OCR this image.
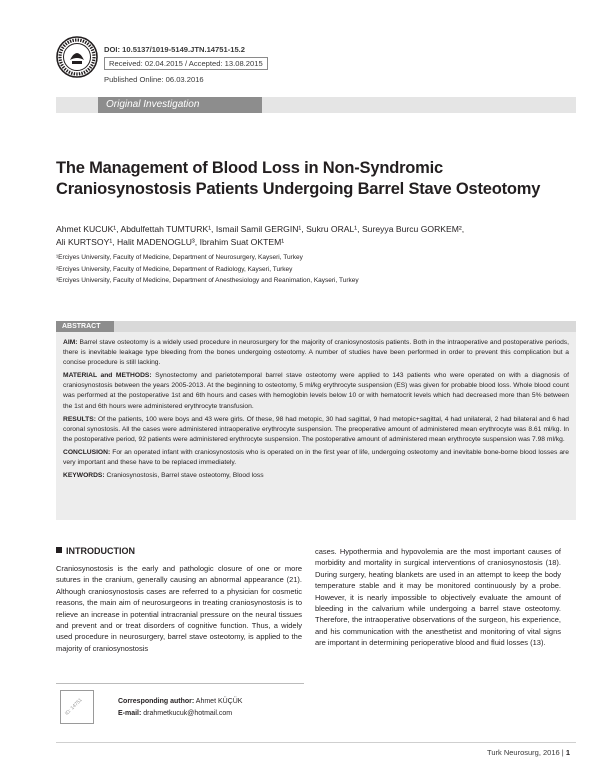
DOI: 10.5137/1019-5149.JTN.14751-15.2
Received: 02.04.2015 / Accepted: 13.08.2015
Published Online: 06.03.2016
Original Investigation
The Management of Blood Loss in Non-Syndromic
Craniosynostosis Patients Undergoing Barrel Stave Osteotomy
Ahmet KUCUK¹, Abdulfettah TUMTURK¹, Ismail Samil GERGIN¹, Sukru ORAL¹, Sureyya Burcu GORKEM²,
Ali KURTSOY¹, Halit MADENOGLU³, Ibrahim Suat OKTEM¹
¹Erciyes University, Faculty of Medicine, Department of Neurosurgery, Kayseri, Turkey
²Erciyes University, Faculty of Medicine, Department of Radiology, Kayseri, Turkey
³Erciyes University, Faculty of Medicine, Department of Anesthesiology and Reanimation, Kayseri, Turkey
ABSTRACT

AIM: Barrel stave osteotomy is a widely used procedure in neurosurgery for the majority of craniosynostosis patients. Both in the intraoperative and postoperative periods, there is inevitable leakage type bleeding from the bones undergoing osteotomy. A number of studies have been performed in order to prevent this complication but a concise procedure is still lacking.

MATERIAL and METHODS: Synostectomy and parietotemporal barrel stave osteotomy were applied to 143 patients who were operated on with a diagnosis of craniosynostosis between the years 2005-2013. At the beginning to osteotomy, 5 ml/kg erythrocyte suspension (ES) was given for probable blood loss. Whole blood count was performed at the postoperative 1st and 6th hours and cases with hemoglobin levels below 10 or with hematocrit levels which had decreased more than 5% between the 1st and 6th hours were administered erythrocyte transfusion.

RESULTS: Of the patients, 100 were boys and 43 were girls. Of these, 98 had metopic, 30 had sagittal, 9 had metopic+sagittal, 4 had unilateral, 2 had bilateral and 6 had coronal synostosis. All the cases were administered intraoperative erythrocyte suspension. The preoperative amount of administered mean erythrocyte was 8.61 ml/kg. In the postoperative period, 92 patients were administered erythrocyte suspension. The postoperative amount of administered mean erythrocyte suspension was 7.98 ml/kg.

CONCLUSION: For an operated infant with craniosynostosis who is operated on in the first year of life, undergoing osteotomy and inevitable bone-borne blood losses are very important and these have to be replaced immediately.

KEYWORDS: Craniosynostosis, Barrel stave osteotomy, Blood loss

INTRODUCTION
Craniosynostosis is the early and pathologic closure of one or more sutures in the cranium, generally causing an abnormal appearance (21). Although craniosynostosis cases are referred to a physician for cosmetic reasons, the main aim of neurosurgeons in treating craniosynostosis is to relieve an increase in potential intracranial pressure on the neural tissues and prevent and or treat disorders of cognitive function. Thus, a widely used procedure in neurosurgery, barrel stave osteotomy, is applied to the majority of craniosynostosis
cases. Hypothermia and hypovolemia are the most important causes of morbidity and mortality in surgical interventions of craniosynostosis (18). During surgery, heating blankets are used in an attempt to keep the body temperature stable and it may be monitored continuously by a probe. However, it is nearly impossible to objectively evaluate the amount of bleeding in the calvarium while undergoing a barrel stave osteotomy. Therefore, the intraoperative observations of the surgeon, his experience, and his communication with the anesthetist and monitoring of vital signs are important in determining perioperative blood and fluid losses (13).
ID: 14751	Corresponding author: Ahmet KÜÇÜK
E-mail: drahmetkucuk@hotmail.com
Turk Neurosurg, 2016 | 1
